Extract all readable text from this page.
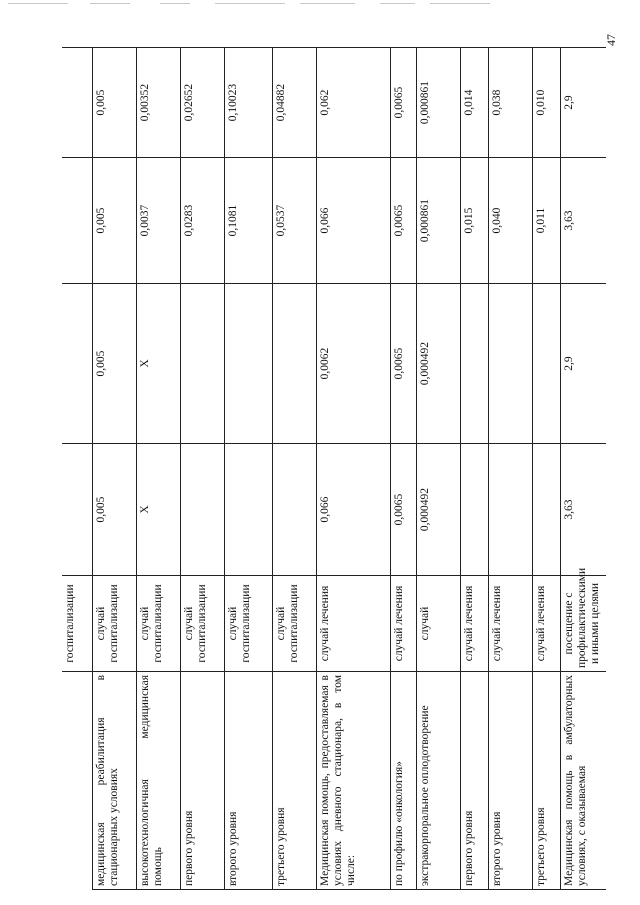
47
	госпитализации				
медицинская реабилитация в стационарных условиях	случай госпитализации	0,005	0,005	0,005	0,005
высокотехнологичная медицинская помощь	случай госпитализации	Х	Х	0,0037	0,00352
первого уровня	случай госпитализации			0,0283	0,02652
второго уровня	случай госпитализации			0,1081	0,10023
третьего уровня	случай госпитализации			0,0537	0,04882
Медицинская помощь, предоставляемая в условиях дневного стационара, в том числе:	случай лечения	0,066	0,0062	0,066	0,062
по профилю «онкология»	случай лечения	0,0065	0,0065	0,0065	0,0065
экстракорпоральное оплодотворение	случай	0,000492	0,000492	0,000861	0,000861
первого уровня	случай лечения			0,015	0,014
второго уровня	случай лечения			0,040	0,038
третьего уровня	случай лечения			0,011	0,010
Медицинская помощь в амбулаторных условиях, с оказываемая	посещение с профилактическими и иными целями	3,63	2,9	3,63	2,9
